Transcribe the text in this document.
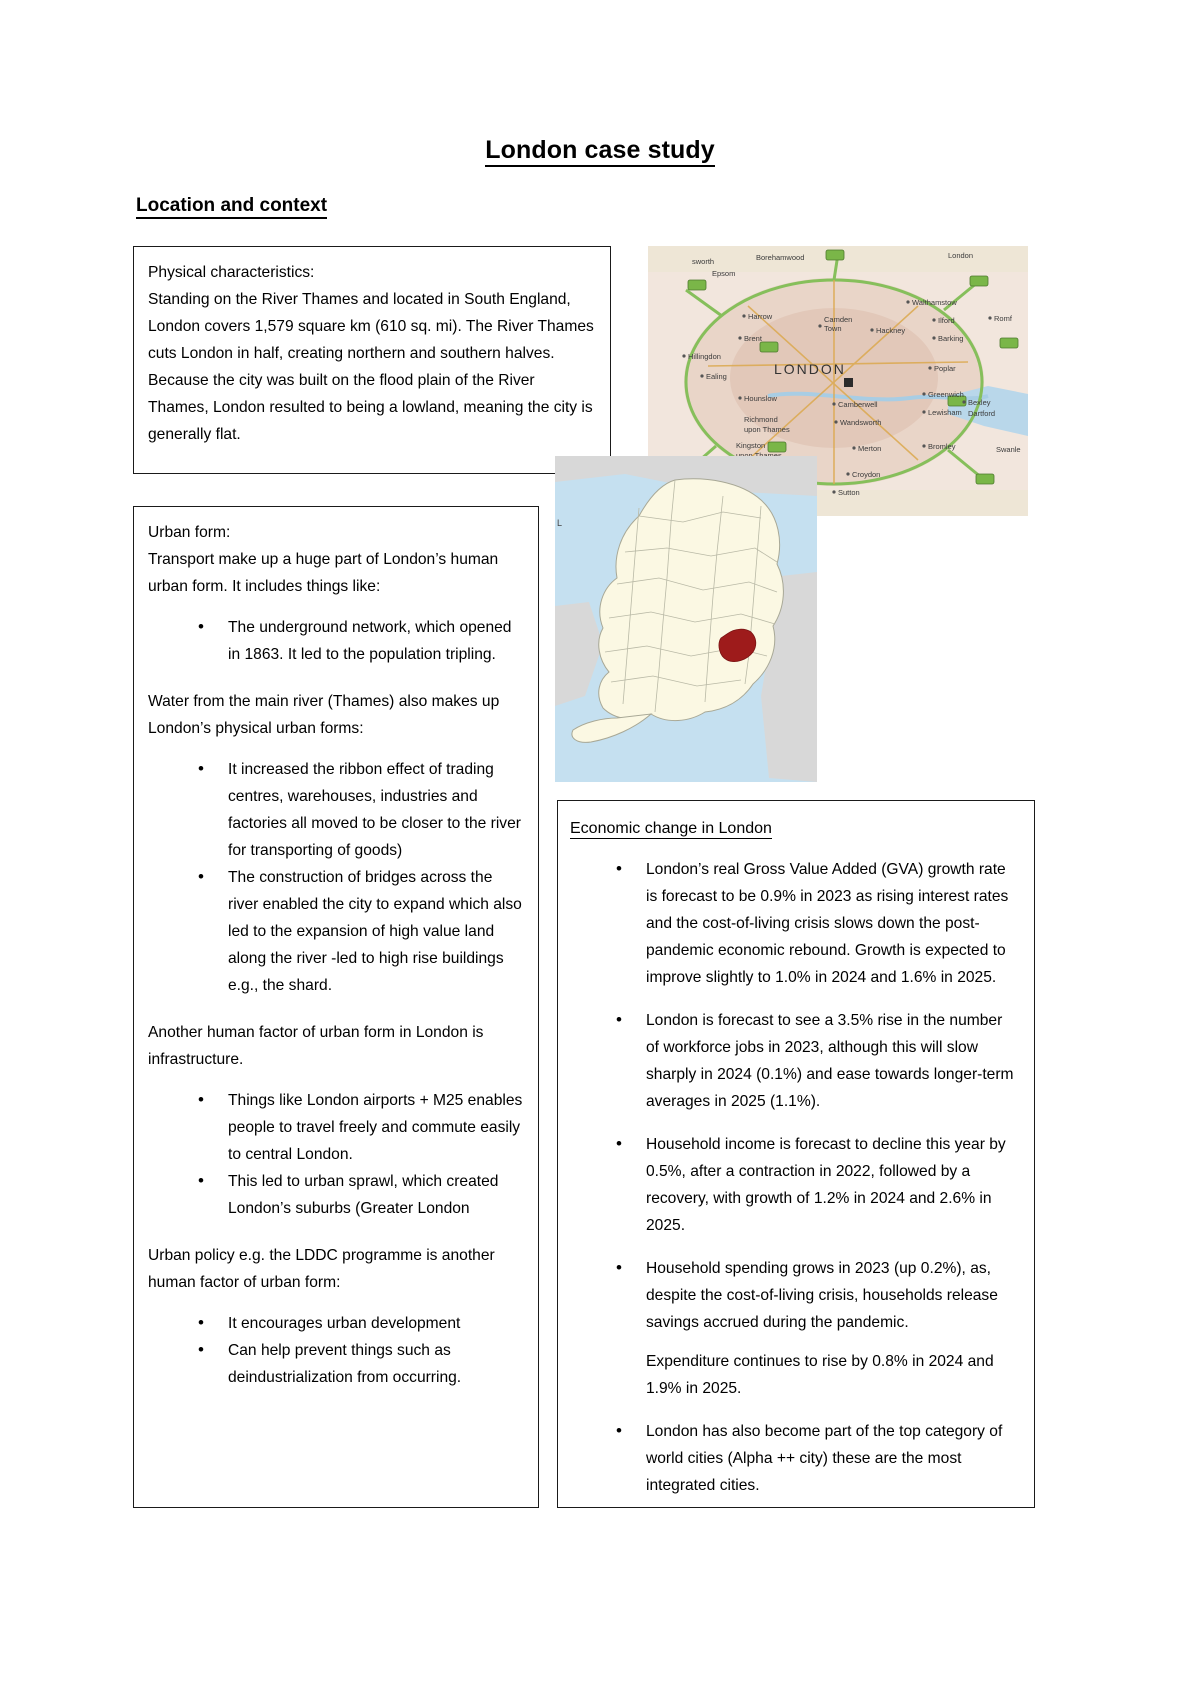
London case study
Location and context

Physical characteristics:

Standing on the River Thames and located in South England, London covers 1,579 square km (610 sq. mi). The River Thames cuts London in half, creating northern and southern halves. Because the city was built on the flood plain of the River Thames, London resulted to being a lowland, meaning the city is generally flat.

Urban form:

Transport make up a huge part of London’s human urban form. It includes things like:

• The underground network, which opened in 1863. It led to the population tripling.

Water from the main river (Thames) also makes up London’s physical urban forms:

• It increased the ribbon effect of trading centres, warehouses, industries and factories all moved to be closer to the river for transporting of goods)
• The construction of bridges across the river enabled the city to expand which also led to the expansion of high value land along the river -led to high rise buildings e.g., the shard.

Another human factor of urban form in London is infrastructure.

• Things like London airports + M25 enables people to travel freely and commute easily to central London.
• This led to urban sprawl, which created London’s suburbs (Greater London

Urban policy e.g. the LDDC programme is another human factor of urban form:

• It encourages urban development
• Can help prevent things such as deindustrialization from occurring.
Economic change in London
• London’s real Gross Value Added (GVA) growth rate is forecast to be 0.9% in 2023 as rising interest rates and the cost-of-living crisis slows down the post-pandemic economic rebound. Growth is expected to improve slightly to 1.0% in 2024 and 1.6% in 2025.
• London is forecast to see a 3.5% rise in the number of workforce jobs in 2023, although this will slow sharply in 2024 (0.1%) and ease towards longer-term averages in 2025 (1.1%).
• Household income is forecast to decline this year by 0.5%, after a contraction in 2022, followed by a recovery, with growth of 1.2% in 2024 and 2.6% in 2025.
• Household spending grows in 2023 (up 0.2%), as, despite the cost-of-living crisis, households release savings accrued during the pandemic.
Expenditure continues to rise by 0.8% in 2024 and 1.9% in 2025.
• London has also become part of the top category of world cities (Alpha ++ city) these are the most integrated cities.
LONDON
Harrow
Brent
Hillingdon
Ealing
Camden
Town	Hackney
Walthamstow
Ilford
Barking
Romf
Poplar
Greenwich
Bexley
Dartford
Hounslow
Camberwell
Lewisham
Richmond
upon Thames
Wandsworth
Kingston	Merton	Bromley
Croydon
Sutton
Swanle
sworth	Borehamwood	London
Epsom
L
